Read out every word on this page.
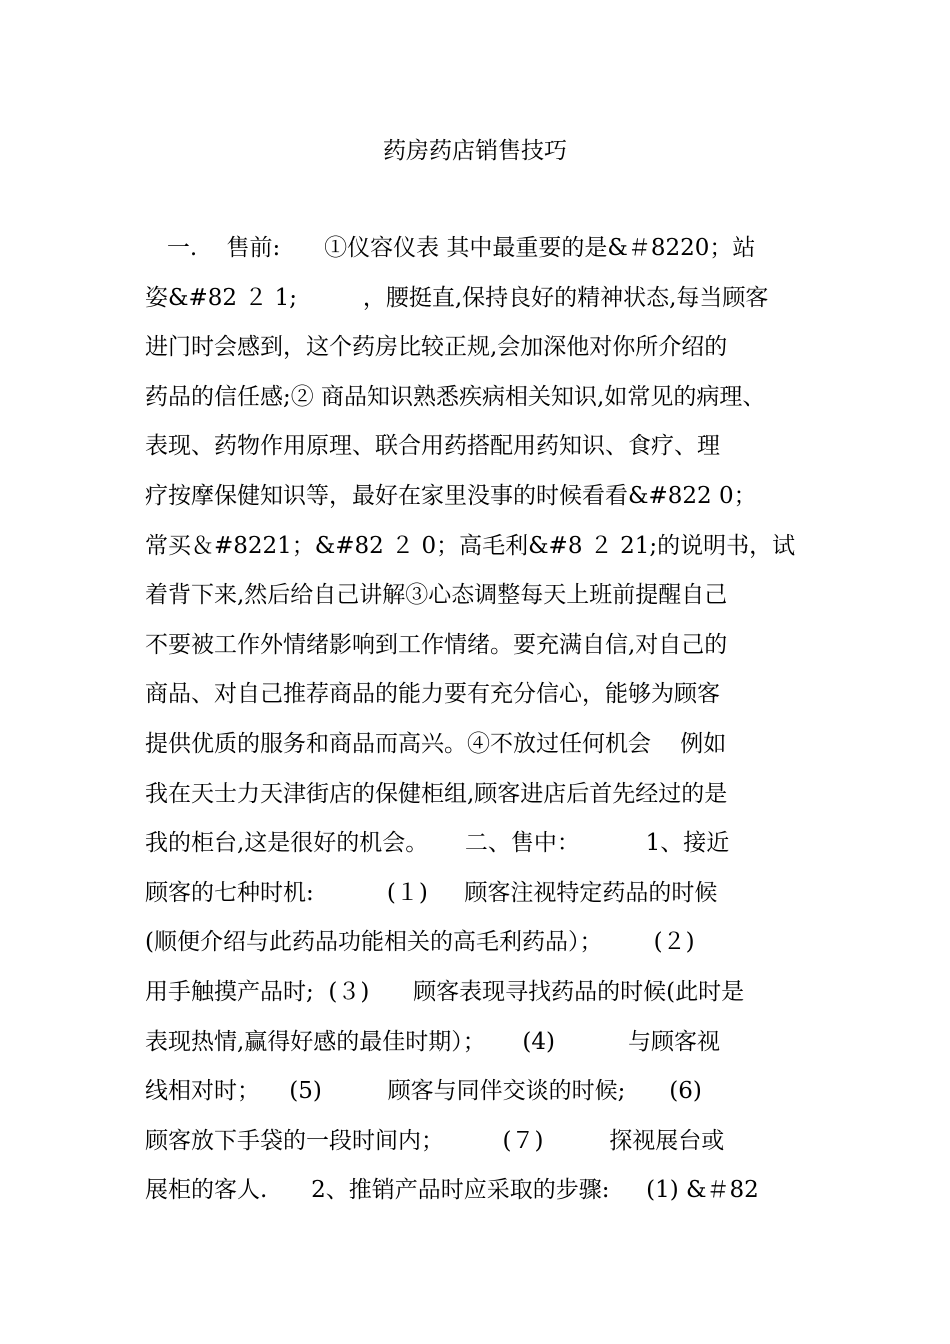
药房药店销售技巧
一.    售前:      ①仪容仪表 其中最重要的是&＃8220；站
姿&#82 ２ 1;         ，腰挺直,保持良好的精神状态,每当顾客
进门时会感到，这个药房比较正规,会加深他对你所介绍的
药品的信任感;② 商品知识熟悉疾病相关知识,如常见的病理、
表现、药物作用原理、联合用药搭配用药知识、食疗、理
疗按摩保健知识等，最好在家里没事的时候看看&#822 0；
常买＆#8221；&#82 ２ 0；高毛利&#8 ２ 21;的说明书，试
着背下来,然后给自己讲解③心态调整每天上班前提醒自己
不要被工作外情绪影响到工作情绪。要充满自信,对自己的
商品、对自己推荐商品的能力要有充分信心，能够为顾客
提供优质的服务和商品而高兴。④不放过任何机会    例如
我在天士力天津街店的保健柜组,顾客进店后首先经过的是
我的柜台,这是很好的机会。     二、售中：         1、接近
顾客的七种时机:          (１)     顾客注视特定药品的时候
(顺便介绍与此药品功能相关的高毛利药品）；       (２)
用手触摸产品时;  (３)      顾客表现寻找药品的时候(此时是
表现热情,赢得好感的最佳时期）；     (4)          与顾客视
线相对时；    (5)         顾客与同伴交谈的时候;      (6)
顾客放下手袋的一段时间内；        (７)         探视展台或
展柜的客人.      2、推销产品时应采取的步骤:     (1) &＃82
